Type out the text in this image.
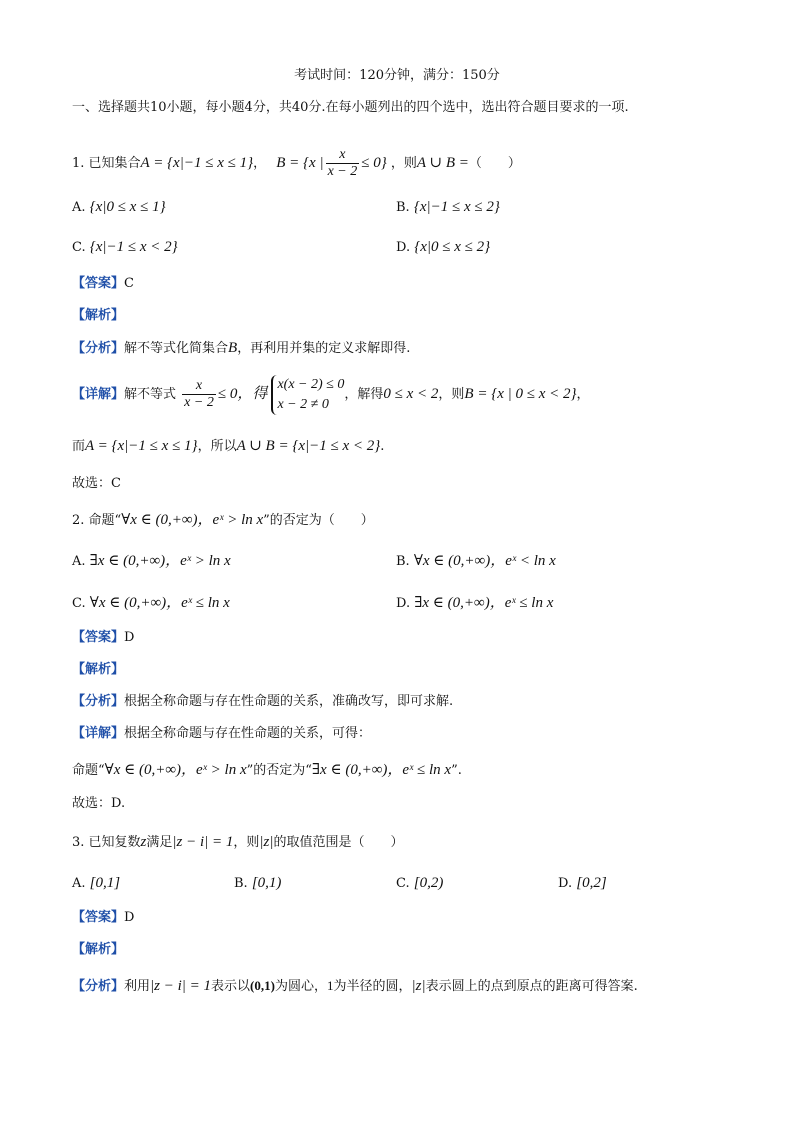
考试时间：120分钟，满分：150分
一、选择题共10小题，每小题4分，共40分.在每小题列出的四个选中，选出符合题目要求的一项.
1. 已知集合A = {x|−1 ≤ x ≤ 1}， B = {x | $\frac{x}{x - 2} \le 0$} ，则A ∪ B =（　　）
A. {x|0 ≤ x ≤ 1}	B. {x|−1 ≤ x ≤ 2}
C. {x|−1 ≤ x < 2}	D. {x|0 ≤ x ≤ 2}
【答案】C
【解析】
【分析】解不等式化简集合B，再利用并集的定义求解即得.
【详解】解不等式 $\frac{x}{x - 2} \le 0$，得
x(x − 2) ≤ 0
x − 2 ≠ 0
，解得0 ≤ x < 2，则B = {x | 0 ≤ x < 2}，
而A = {x|−1 ≤ x ≤ 1}，所以A ∪ B = {x|−1 ≤ x < 2}.
故选：C
2. 命题“∀x ∈ (0,+∞)，eˣ > ln x”的否定为（　　）
A. ∃x ∈ (0,+∞)，eˣ > ln x	B. ∀x ∈ (0,+∞)，eˣ < ln x
C. ∀x ∈ (0,+∞)，eˣ ≤ ln x	D. ∃x ∈ (0,+∞)，eˣ ≤ ln x
【答案】D
【解析】
【分析】根据全称命题与存在性命题的关系，准确改写，即可求解.
【详解】根据全称命题与存在性命题的关系，可得：
命题“∀x ∈ (0,+∞)，eˣ > ln x”的否定为“∃x ∈ (0,+∞)，eˣ ≤ ln x”.
故选：D.
3. 已知复数z满足|z − i| = 1，则|z|的取值范围是（　　）
A. [0,1]	B. [0,1)	C. [0,2)	D. [0,2]
【答案】D
【解析】
【分析】利用|z − i| = 1表示以(0,1)为圆心，1为半径的圆，|z|表示圆上的点到原点的距离可得答案.
